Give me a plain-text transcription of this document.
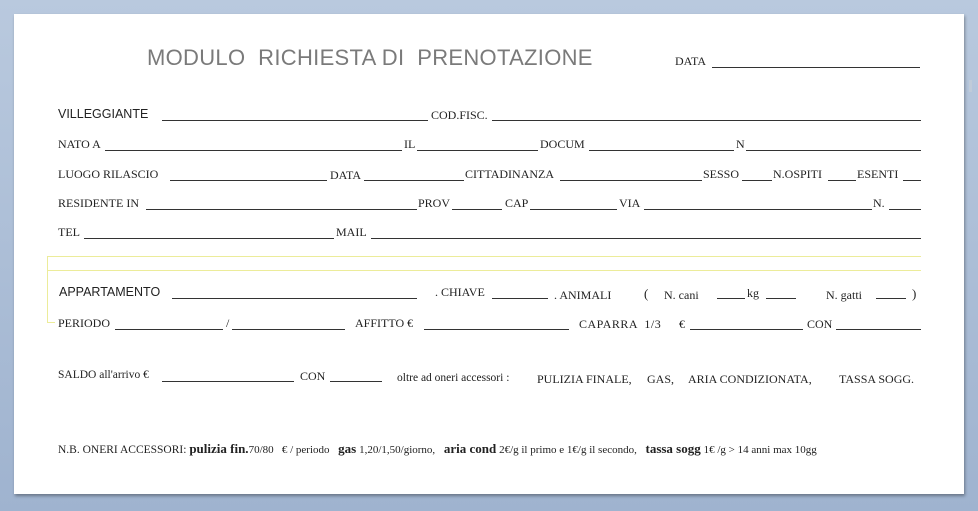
MODULO  RICHIESTA DI  PRENOTAZIONE	DATA
VILLEGGIANTE	COD.FISC.
NATO A	IL	DOCUM	N
LUOGO RILASCIO	DATA	CITTADINANZA	SESSO	N.OSPITI	ESENTI
RESIDENTE IN	PROV	CAP	VIA	N.
TEL	MAIL
APPARTAMENTO	. CHIAVE	. ANIMALI	( N. cani	kg	N. gatti	)
PERIODO	/	AFFITTO €	CAPARRA  1/3 €	CON
SALDO all'arrivo €	CON	oltre ad oneri accessori : PULIZIA FINALE, GAS, ARIA CONDIZIONATA, TASSA SOGG.
N.B. ONERI ACCESSORI: pulizia fin.70/80   € / periodo gas 1,20/1,50/giorno, aria cond 2€/g il primo e 1€/g il secondo, tassa sogg 1€ /g > 14 anni max 10gg
